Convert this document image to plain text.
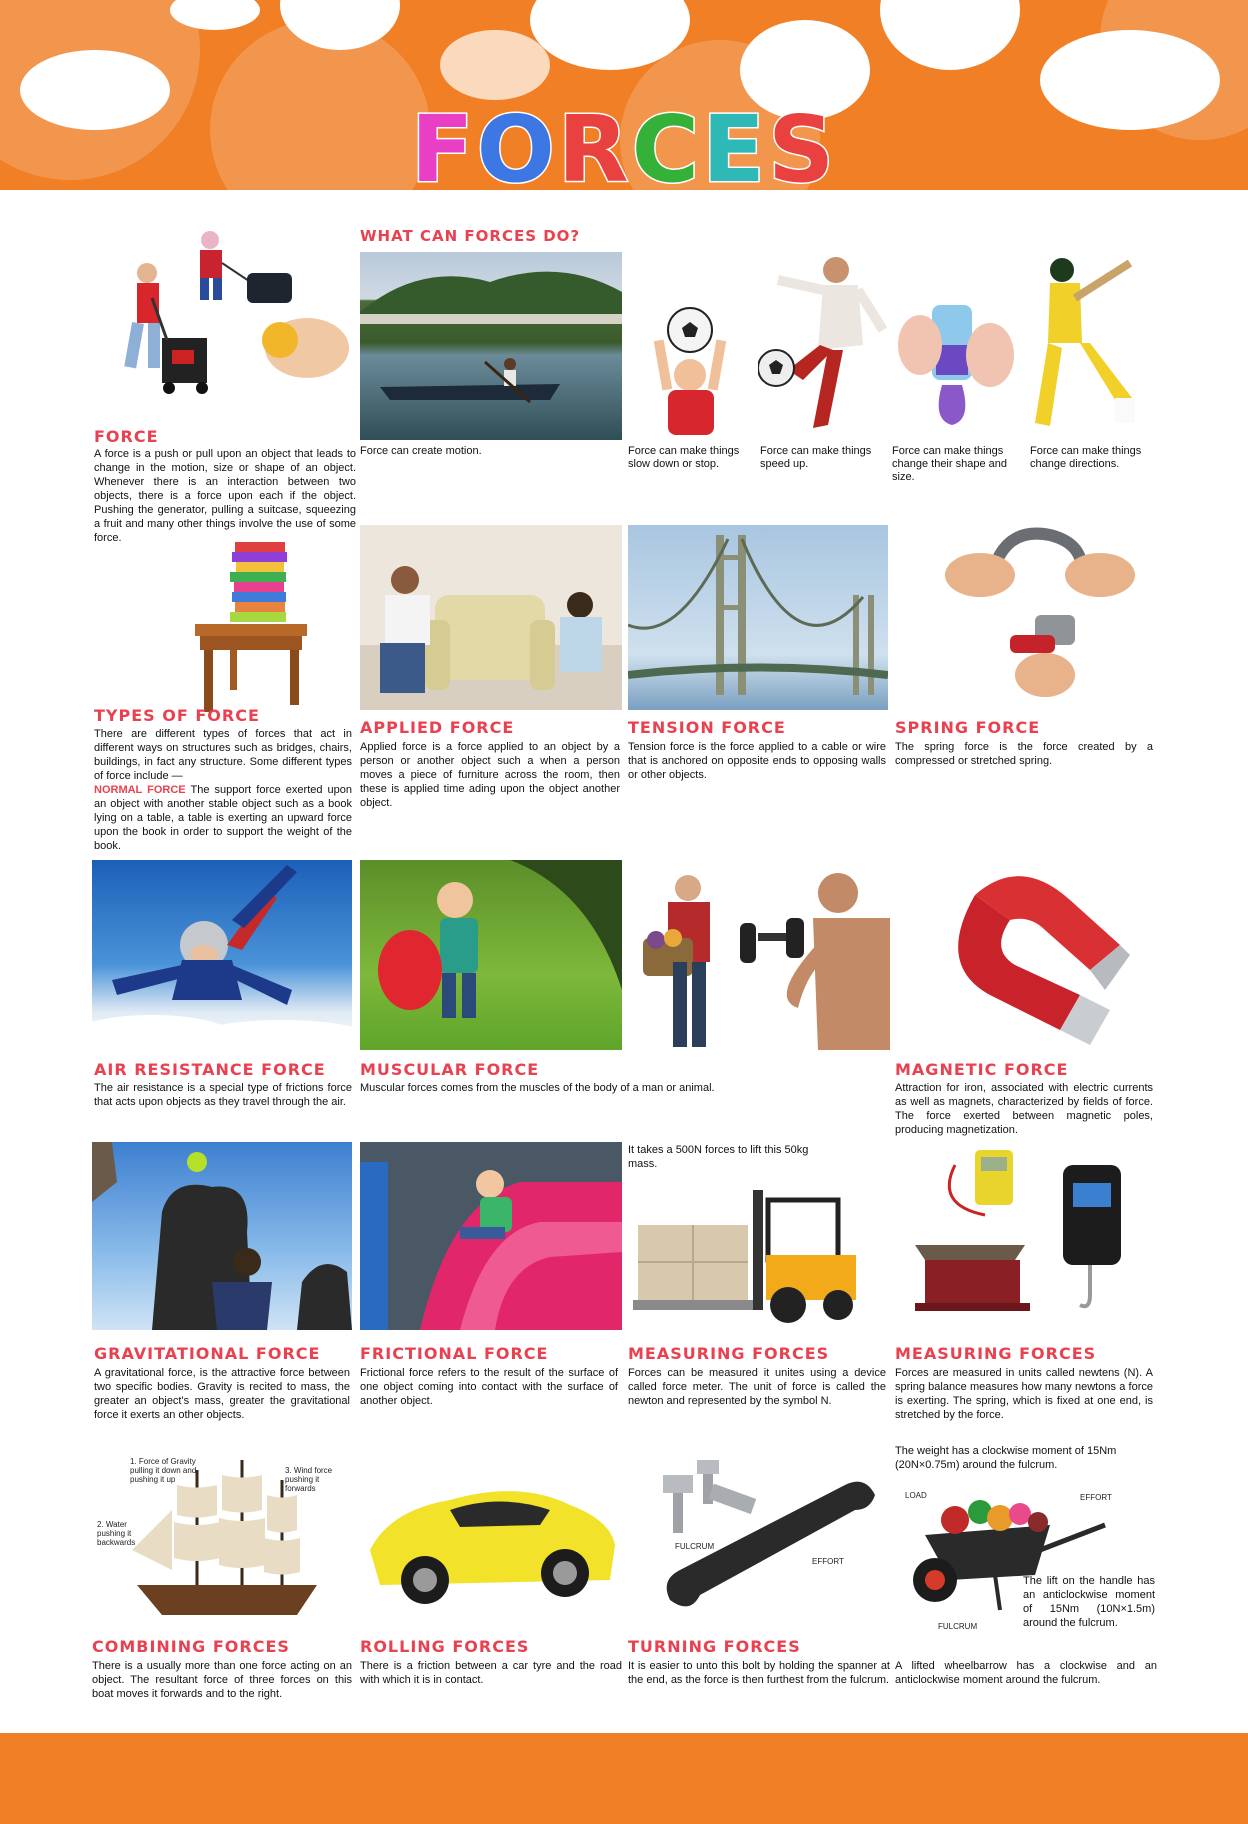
FORCES
FORCE
A force is a push or pull upon an object that leads to change in the motion, size or shape of an object. Whenever there is an interaction between two objects, there is a force upon each if the object. Pushing the generator, pulling a suitcase, squeezing a fruit and many other things involve the use of some force.
WHAT CAN FORCES DO?
Force can create motion.	Force can make things slow down or stop.
Force can make things speed up.
Force can make things change their shape and size.
Force can make things change directions.
TYPES OF FORCE
There are different types of forces that act in different ways on structures such as bridges, chairs, buildings, in fact any structure. Some different types of force include —
NORMAL FORCE The support force exerted upon an object with another stable object such as a book lying on a table, a table is exerting an upward force upon the book in order to support the weight of the book.
APPLIED FORCE
Applied force is a force applied to an object by a person or another object such a when a person moves a piece of furniture across the room, then these is applied time ading upon the object another object.
TENSION FORCE
Tension force is the force applied to a cable or wire that is anchored on opposite ends to opposing walls or other objects.
SPRING FORCE
The spring force is the force created by a compressed or stretched spring.
AIR RESISTANCE FORCE
The air resistance is a special type of frictions force that acts upon objects as they travel through the air.
MUSCULAR FORCE
Muscular forces comes from the muscles of the body of a man or animal.
MAGNETIC FORCE
Attraction for iron, associated with electric currents as well as magnets, characterized by fields of force. The force exerted between magnetic poles, producing magnetization.
GRAVITATIONAL FORCE
A gravitational force, is the attractive force between two specific bodies. Gravity is recited to mass, the greater an object's mass, greater the gravitational force it exerts an other objects.
FRICTIONAL FORCE
Frictional force refers to the result of the surface of one object coming into contact with the surface of another object.
It takes a 500N forces to lift this 50kg mass.
MEASURING FORCES
Forces can be measured it unites using a device called force meter. The unit of force is called the newton and represented by the symbol N.
MEASURING FORCES
Forces are measured in units called newtens (N). A spring balance measures how many newtons a force is exerting. The spring, which is fixed at one end, is stretched by the force.
1. Force of Gravity pulling it down and pushing it up
3. Wind force pushing it forwards
2. Water pushing it backwards
COMBINING FORCES
There is a usually more than one force acting on an object. The resultant force of three forces on this boat moves it forwards and to the right.
ROLLING FORCES
There is a friction between a car tyre and the road with which it is in contact.
FULCRUM
EFFORT
TURNING FORCES
It is easier to unto this bolt by holding the spanner at the end, as the force is then furthest from the fulcrum.
The weight has a clockwise moment of 15Nm (20N×0.75m) around the fulcrum.
LOAD	EFFORT
FULCRUM
The lift on the handle has an anticlockwise moment of 15Nm (10N×1.5m) around the fulcrum.
A lifted wheelbarrow has a clockwise and an anticlockwise moment around the fulcrum.
